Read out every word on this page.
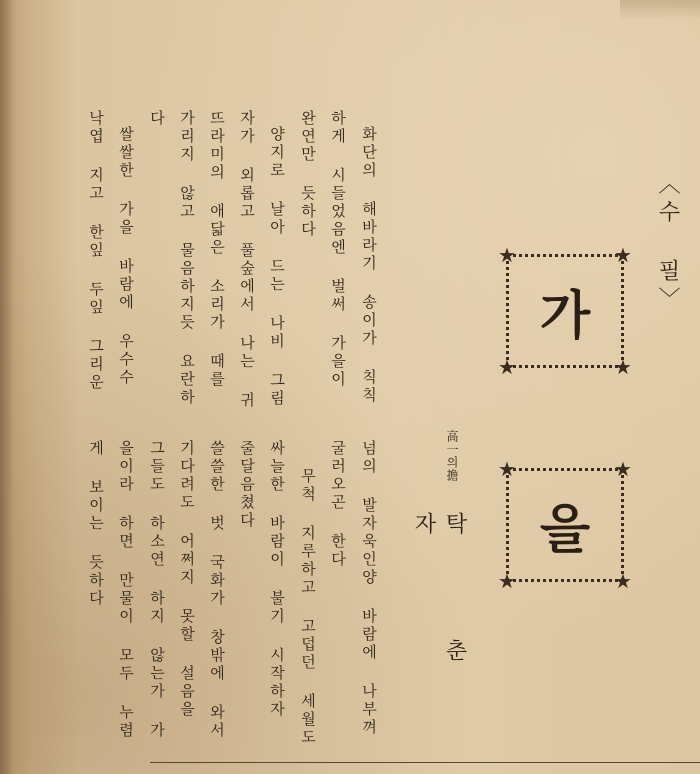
〈수 필〉
★	★
★	★
가
★	★
★	★
을
高一의擔
탁 춘 자
화단의 해바라기 송이가 칙칙
넘의 발자욱인양 바람에 나부껴
하게 시들었음엔 벌써 가을이
굴러오곤 한다
완연만 듯하다
무척 지루하고 고덥던 세월도
양지로 날아 드는 나비 그림
싸늘한 바람이 불기 시작하자
자가 외롭고 풀숲에서 나는 귀
줄달음쳤다
뜨라미의 애닯은 소리가 때를
쓸쓸한 벗 국화가 창밖에 와서
가리지 않고 물음하지듯 요란하
기다려도 어쩌지 못할 설음을
다
그들도 하소연 하지 않는가 가
쌀쌀한 가을 바람에 우수수
을이라 하면 만물이 모두 누렴
낙엽 지고 한잎 두잎 그리운
게 보이는 듯하다
